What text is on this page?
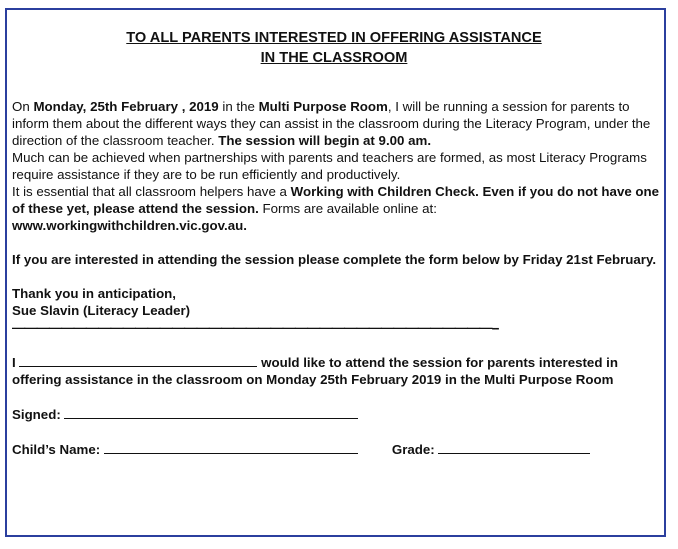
TO ALL PARENTS INTERESTED IN OFFERING ASSISTANCE
IN THE CLASSROOM

On Monday, 25th February , 2019 in the Multi Purpose Room, I will be running a session for parents to inform them about the different ways they can assist in the classroom during the Literacy Program, under the direction of the classroom teacher. The session will begin at 9.00 am.

Much can be achieved when partnerships with parents and teachers are formed, as most Literacy Programs require assistance if they are to be run efficiently and productively.

It is essential that all classroom helpers have a Working with Children Check. Even if you do not have one of these yet, please attend the session. Forms are available online at: www.workingwithchildren.vic.gov.au.

If you are interested in attending the session please complete the form below by Friday 21st February.

Thank you in anticipation,

Sue Slavin (Literacy Leader)

———————————————————————————————————————--

I	would like to attend the session for parents interested in offering assistance in the classroom on Monday 25th February 2019 in the Multi Purpose Room

Signed:

Child’s Name:	Grade:
